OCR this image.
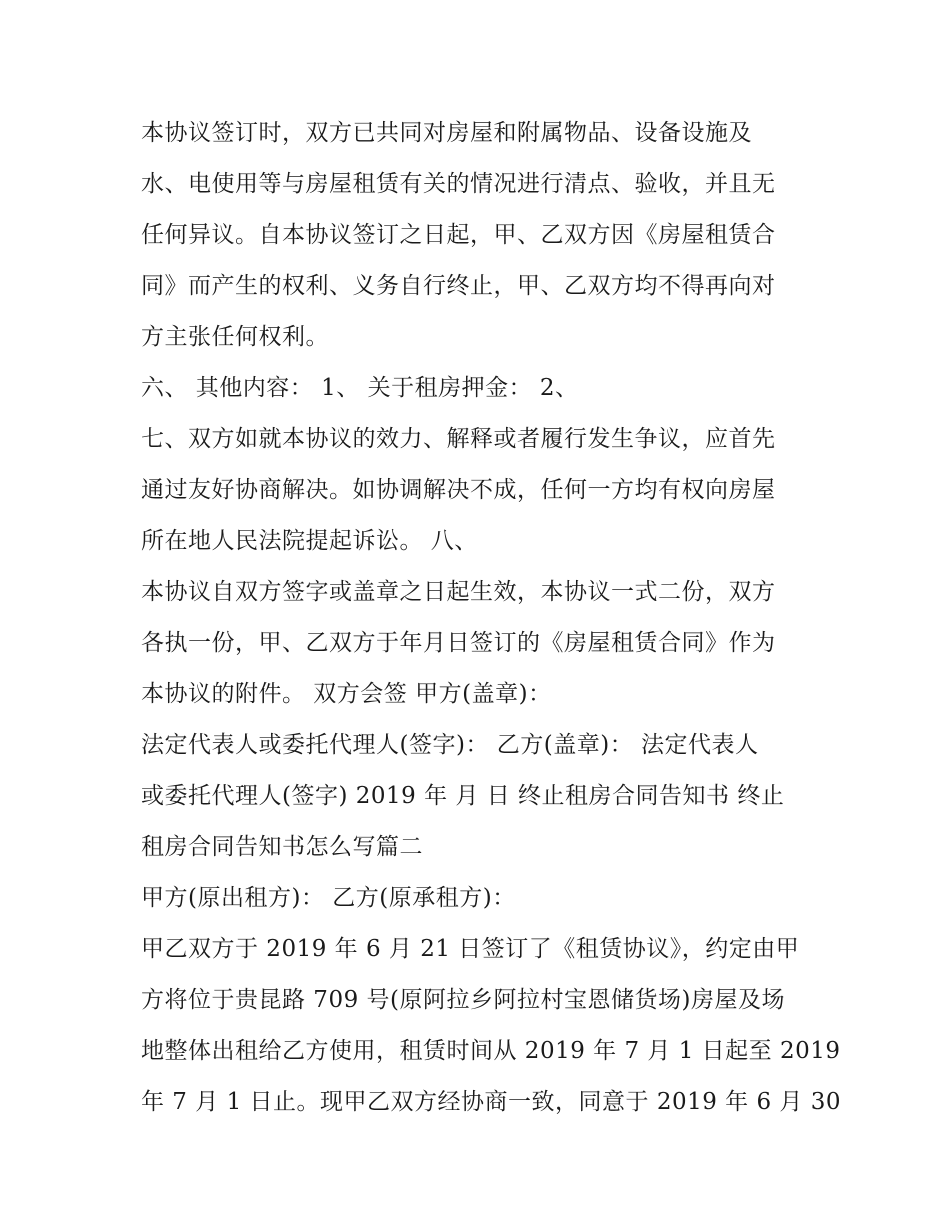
本协议签订时，双方已共同对房屋和附属物品、设备设施及
水、电使用等与房屋租赁有关的情况进行清点、验收，并且无
任何异议。自本协议签订之日起，甲、乙双方因《房屋租赁合
同》而产生的权利、义务自行终止，甲、乙双方均不得再向对
方主张任何权利。
六、 其他内容： 1、 关于租房押金： 2、
七、双方如就本协议的效力、解释或者履行发生争议，应首先
通过友好协商解决。如协调解决不成，任何一方均有权向房屋
所在地人民法院提起诉讼。 八、
本协议自双方签字或盖章之日起生效，本协议一式二份，双方
各执一份，甲、乙双方于年月日签订的《房屋租赁合同》作为
本协议的附件。 双方会签 甲方(盖章)：
法定代表人或委托代理人(签字)： 乙方(盖章)： 法定代表人
或委托代理人(签字) 2019 年 月 日 终止租房合同告知书 终止
租房合同告知书怎么写篇二
甲方(原出租方)： 乙方(原承租方)：
甲乙双方于 2019 年 6 月 21 日签订了《租赁协议》，约定由甲
方将位于贵昆路 709 号(原阿拉乡阿拉村宝恩储货场)房屋及场
地整体出租给乙方使用，租赁时间从 2019 年 7 月 1 日起至 2019
年 7 月 1 日止。现甲乙双方经协商一致，同意于 2019 年 6 月 30
